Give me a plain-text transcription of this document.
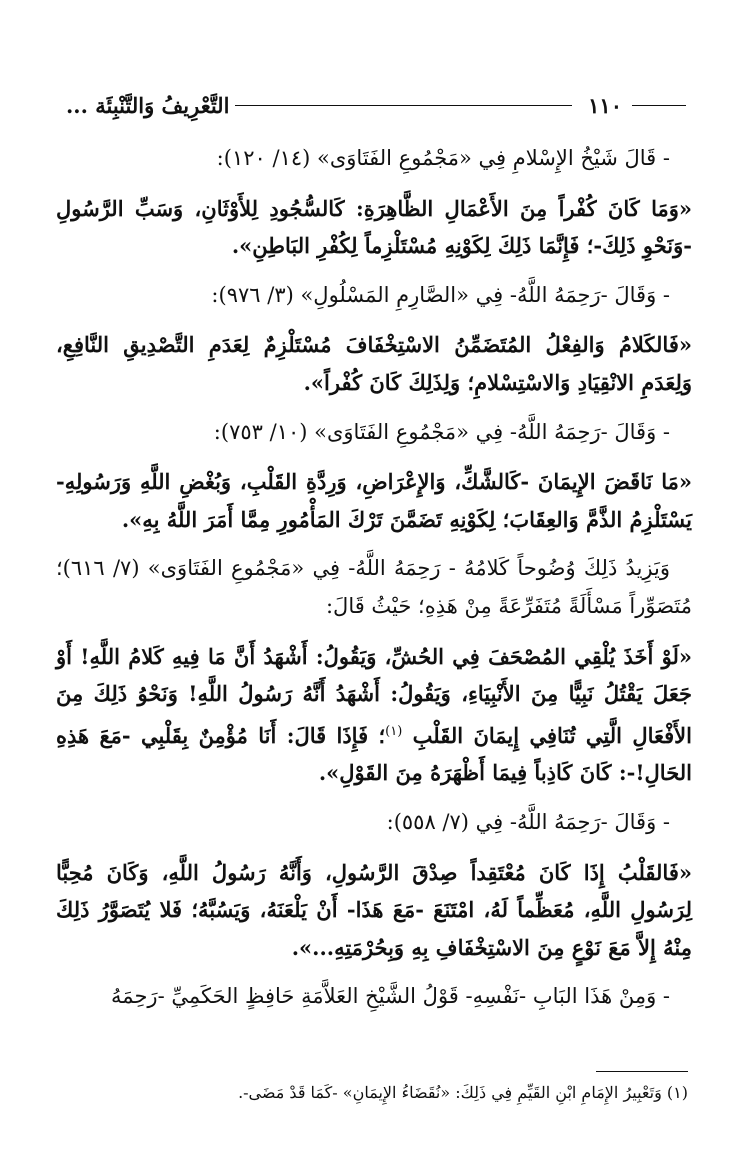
١١٠
التَّعْرِيفُ وَالتَّنْبِئَة ...

- قَالَ شَيْخُ الإِسْلامِ فِي «مَجْمُوعِ الفَتَاوَى» (١٤/ ١٢٠):

«وَمَا كَانَ كُفْراً مِنَ الأَعْمَالِ الظَّاهِرَةِ: كَالسُّجُودِ لِلأَوْثَانِ، وَسَبِّ الرَّسُولِ -وَنَحْوِ ذَلِكَ-؛ فَإِنَّمَا ذَلِكَ لِكَوْنِهِ مُسْتَلْزِماً لِكُفْرِ البَاطِنِ».

- وَقَالَ -رَحِمَهُ اللَّهُ- فِي «الصَّارِمِ المَسْلُولِ» (٣/ ٩٧٦):

«فَالكَلامُ وَالفِعْلُ المُتَضَمِّنُ الاسْتِخْفَافَ مُسْتَلْزِمٌ لِعَدَمِ التَّصْدِيقِ النَّافِعِ، وَلِعَدَمِ الانْقِيَادِ وَالاسْتِسْلامِ؛ وَلِذَلِكَ كَانَ كُفْراً».

- وَقَالَ -رَحِمَهُ اللَّهُ- فِي «مَجْمُوعِ الفَتَاوَى» (١٠/ ٧٥٣):

«مَا نَاقَضَ الإِيمَانَ -كَالشَّكِّ، وَالإِعْرَاضِ، وَرِدَّةِ القَلْبِ، وَبُغْضِ اللَّهِ وَرَسُولِهِ- يَسْتَلْزِمُ الذَّمَّ وَالعِقَابَ؛ لِكَوْنِهِ تَضَمَّنَ تَرْكَ المَأْمُورِ مِمَّا أَمَرَ اللَّهُ بِهِ».

وَيَزِيدُ ذَلِكَ وُضُوحاً كَلامُهُ - رَحِمَهُ اللَّهُ- فِي «مَجْمُوعِ الفَتَاوَى» (٧/ ٦١٦)؛ مُتَصَوِّراً مَسْأَلَةً مُتَفَرِّعَةً مِنْ هَذِهِ؛ حَيْثُ قَالَ:

«لَوْ أَخَذَ يُلْقِي المُصْحَفَ فِي الحُشِّ، وَيَقُولُ: أَشْهَدُ أَنَّ مَا فِيهِ كَلامُ اللَّهِ! أَوْ جَعَلَ يَقْتُلُ نَبِيًّا مِنَ الأَنْبِيَاءِ، وَيَقُولُ: أَشْهَدُ أَنَّهُ رَسُولُ اللَّهِ! وَنَحْوُ ذَلِكَ مِنَ الأَفْعَالِ الَّتِي تُنَافِي إِيمَانَ القَلْبِ $^{(١)}$؛ فَإِذَا قَالَ: أَنَا مُؤْمِنٌ بِقَلْبِي -مَعَ هَذِهِ الحَالِ!-: كَانَ كَاذِباً فِيمَا أَظْهَرَهُ مِنَ القَوْلِ».

- وَقَالَ -رَحِمَهُ اللَّهُ- فِي (٧/ ٥٥٨):

«فَالقَلْبُ إِذَا كَانَ مُعْتَقِداً صِدْقَ الرَّسُولِ، وَأَنَّهُ رَسُولُ اللَّهِ، وَكَانَ مُحِبًّا لِرَسُولِ اللَّهِ، مُعَظِّماً لَهُ، امْتَنَعَ -مَعَ هَذَا- أَنْ يَلْعَنَهُ، وَيَسُبَّهُ؛ فَلا يُتَصَوَّرُ ذَلِكَ مِنْهُ إِلاَّ مَعَ نَوْعٍ مِنَ الاسْتِخْفَافِ بِهِ وَبِحُرْمَتِهِ...».

- وَمِنْ هَذَا البَابِ -نَفْسِهِ- قَوْلُ الشَّيْخِ العَلاَّمَةِ حَافِظٍ الحَكَمِيِّ -رَحِمَهُ

(١) وَتَعْبِيرُ الإِمَامِ ابْنِ القَيِّمِ فِي ذَلِكَ: «نُقَضَاءُ الإِيمَانِ» -كَمَا قَدْ مَضَى-.
